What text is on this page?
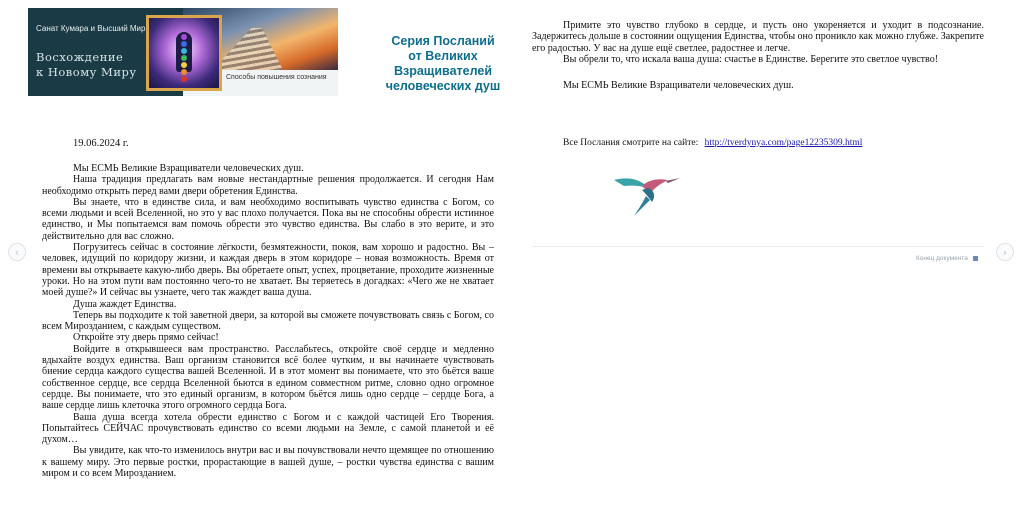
‹	›
Санат Кумара и Высший Мир
Восхождение
к Новому Миру	Способы повышения сознания
Серия Посланий
от Великих
Взращивателей
человеческих душ
19.06.2024 г.

Мы ЕСМЬ Великие Взращиватели человеческих душ.

Наша традиция предлагать вам новые нестандартные решения продолжается. И сегодня Нам необходимо открыть перед вами двери обретения Единства.

Вы знаете, что в единстве сила, и вам необходимо воспитывать чувство единства с Богом, со всеми людьми и всей Вселенной, но это у вас плохо получается. Пока вы не способны обрести истинное единство, и Мы попытаемся вам помочь обрести это чувство единства. Вы слабо в это верите, и это действительно для вас сложно.

Погрузитесь сейчас в состояние лёгкости, безмятежности, покоя, вам хорошо и радостно. Вы – человек, идущий по коридору жизни, и каждая дверь в этом коридоре – новая возможность. Время от времени вы открываете какую-либо дверь. Вы обретаете опыт, успех, процветание, проходите жизненные уроки. Но на этом пути вам постоянно чего-то не хватает. Вы теряетесь в догадках: «Чего же не хватает моей душе?» И сейчас вы узнаете, чего так жаждет ваша душа.

Душа жаждет Единства.

Теперь вы подходите к той заветной двери, за которой вы сможете почувствовать связь с Богом, со всем Мирозданием, с каждым существом.

Откройте эту дверь прямо сейчас!

Войдите в открывшееся вам пространство. Расслабьтесь, откройте своё сердце и медленно вдыхайте воздух единства. Ваш организм становится всё более чутким, и вы начинаете чувствовать биение сердца каждого существа вашей Вселенной. И в этот момент вы понимаете, что это бьётся ваше собственное сердце, все сердца Вселенной бьются в едином совместном ритме, словно одно огромное сердце. Вы понимаете, что это единый организм, в котором бьётся лишь одно сердце – сердце Бога, а ваше сердце лишь клеточка этого огромного сердца Бога.

Ваша душа всегда хотела обрести единство с Богом и с каждой частицей Его Творения. Попытайтесь СЕЙЧАС прочувствовать единство со всеми людьми на Земле, с самой планетой и её духом…

Вы увидите, как что-то изменилось внутри вас и вы почувствовали нечто щемящее по отношению к вашему миру. Это первые ростки, прорастающие в вашей душе, – ростки чувства единства с вашим миром и со всем Мирозданием.

Примите это чувство глубоко в сердце, и пусть оно укореняется и уходит в подсознание. Задержитесь дольше в состоянии ощущения Единства, чтобы оно проникло как можно глубже. Закрепите его радостью. У вас на душе ещё светлее, радостнее и легче.

Вы обрели то, что искала ваша душа: счастье в Единстве. Берегите это светлое чувство!

Мы ЕСМЬ Великие Взращиватели человеческих душ.
Все Послания смотрите на сайте: http://tverdynya.com/page12235309.html
Конец документа
